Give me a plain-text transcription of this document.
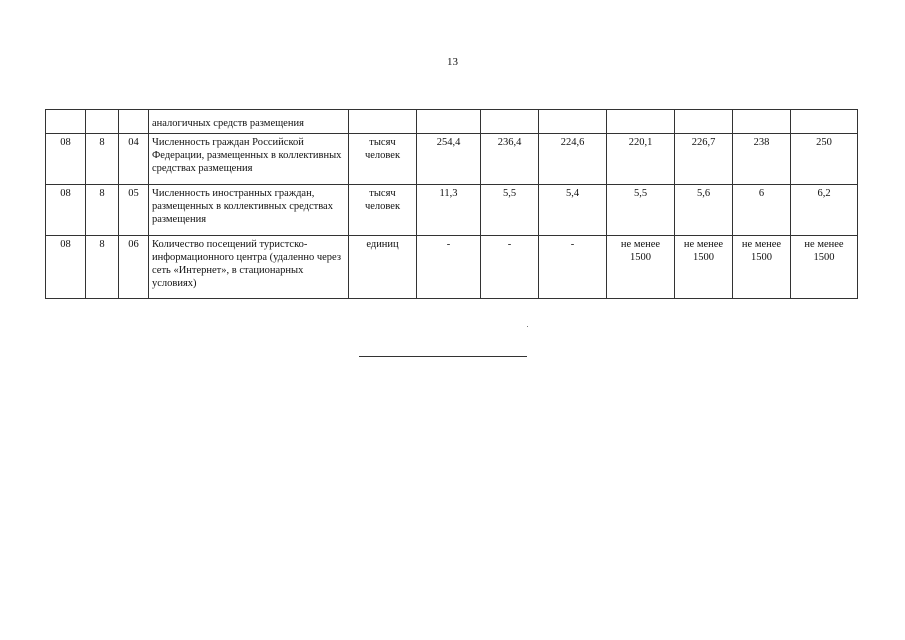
13
			аналогичных средств размещения								
08	8	04	Численность граждан Российской Федерации, размещенных в коллективных средствах размещения	тысяч человек	254,4	236,4	224,6	220,1	226,7	238	250
08	8	05	Численность иностранных граждан, размещенных в коллективных средствах размещения	тысяч человек	11,3	5,5	5,4	5,5	5,6	6	6,2
08	8	06	Количество посещений туристско-информационного центра (удаленно через сеть «Интернет», в стационарных условиях)	единиц	-	-	-	не менее 1500	не менее 1500	не менее 1500	не менее 1500
